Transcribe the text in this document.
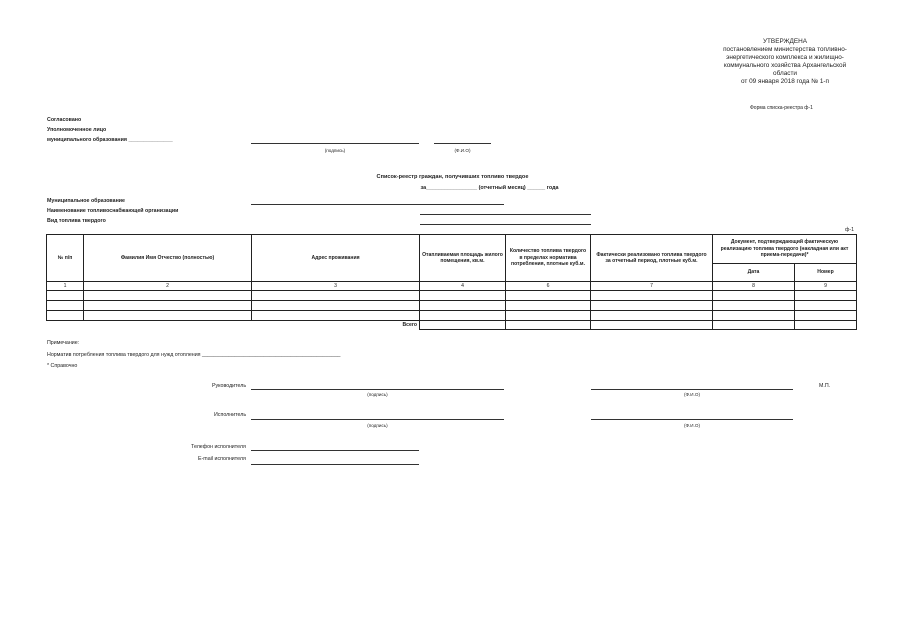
УТВЕРЖДЕНА
постановлением министерства топливно-
энергетического комплекса и жилищно-
коммунального хозяйства Архангельской
области
от 09 января 2018 года № 1-п
Форма списка-реестра ф-1
Согласовано
Уполномоченное лицо
муниципального образования _______________
(подпись)	(Ф.И.О)
Список-реестр граждан, получивших топливо твердое
за_________________ (отчетный месяц) ______ года
Муниципальное образование
Наименование топливоснабжающей организации
Вид топлива твердого
ф-1
№ п/п	Фамилия Имя Отчество (полностью)	Адрес проживания	Отапливаемая площадь жилого помещения, кв.м.	Количество топлива твердого в пределах норматива потребления, плотные куб.м.	Фактически реализовано топлива твердого за отчетный период, плотные куб.м.	Документ, подтверждающий фактическую реализацию топлива твердого (накладная или акт приема-передачи)*	
						Дата	Номер
1	2	3	4	6	7	8	9

Всего							
Примечание:
Норматив потребления топлива твердого для нужд отопления _______________________________________________
* Справочно
Руководитель	М.П.
(подпись)	(Ф.И.О)
Исполнитель
(подпись)	(Ф.И.О)
Телефон исполнителя
E-mail исполнителя
